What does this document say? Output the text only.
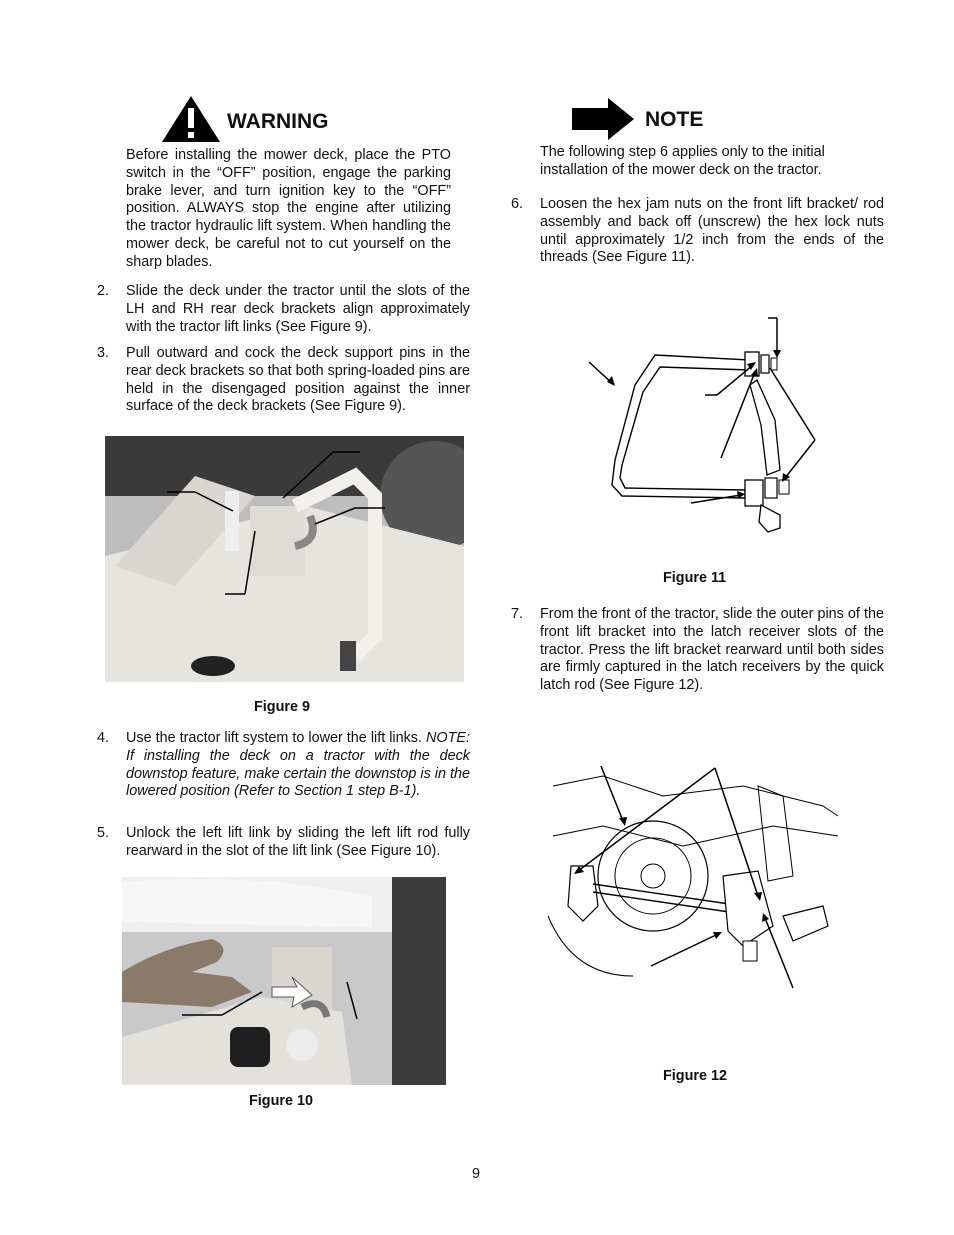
WARNING
Before installing the mower deck, place the PTO switch in the “OFF” position, engage the parking brake lever, and turn ignition key to the “OFF” position. ALWAYS stop the engine after utilizing the tractor hydraulic lift system. When handling the mower deck, be careful not to cut yourself on the sharp blades.
2. Slide the deck under the tractor until the slots of the LH and RH rear deck brackets align approximately with the tractor lift links (See Figure 9).
3. Pull outward and cock the deck support pins in the rear deck brackets so that both spring-loaded pins are held in the disengaged position against the inner surface of the deck brackets (See Figure 9).
Figure 9
4. Use the tractor lift system to lower the lift links. NOTE: If installing the deck on a tractor with the deck downstop feature, make certain the downstop is in the lowered position (Refer to Section 1 step B-1).
5. Unlock the left lift link by sliding the left lift rod fully rearward in the slot of the lift link (See Figure 10).
Figure 10
NOTE
The following step 6 applies only to the initial installation of the mower deck on the tractor.
6. Loosen the hex jam nuts on the front lift bracket/ rod assembly and back off (unscrew) the hex lock nuts until approximately 1/2 inch from the ends of the threads (See Figure 11).
Figure 11
7. From the front of the tractor, slide the outer pins of the front lift bracket into the latch receiver slots of the tractor. Press the lift bracket rearward until both sides are firmly captured in the latch receivers by the quick latch rod (See Figure 12).
Figure 12
9
